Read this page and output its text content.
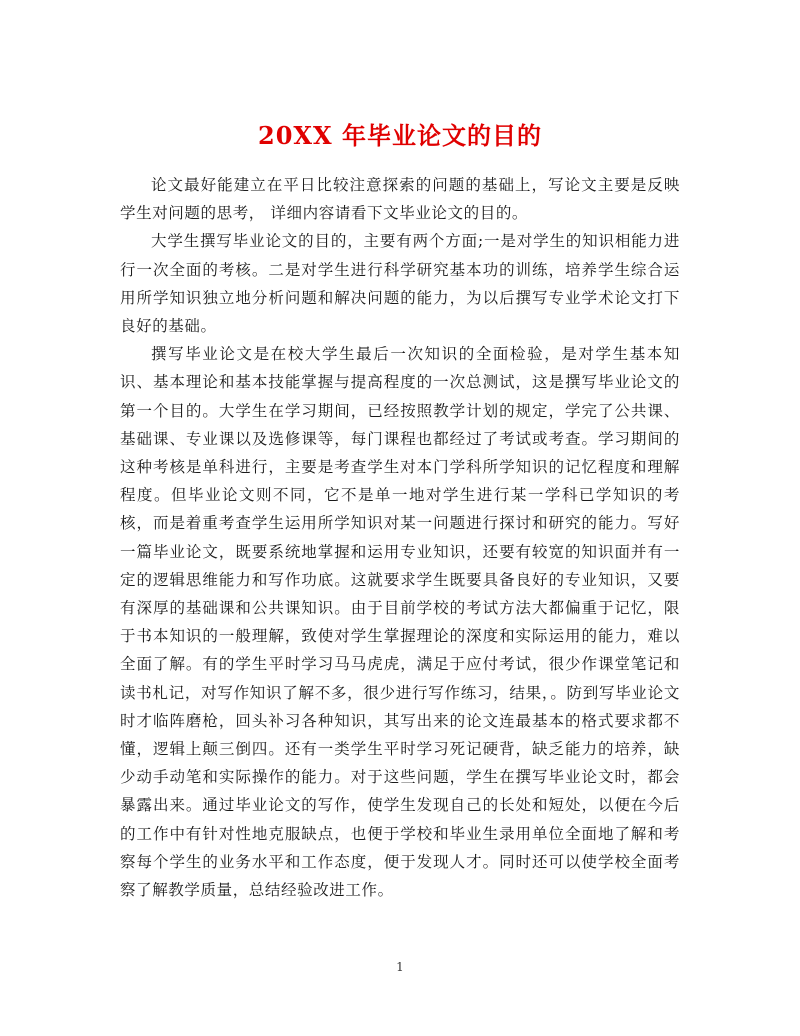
20XX 年毕业论文的目的

论文最好能建立在平日比较注意探索的问题的基础上，写论文主要是反映学生对问题的思考， 详细内容请看下文毕业论文的目的。

大学生撰写毕业论文的目的，主要有两个方面;一是对学生的知识相能力进行一次全面的考核。二是对学生进行科学研究基本功的训练，培养学生综合运用所学知识独立地分析问题和解决问题的能力，为以后撰写专业学术论文打下良好的基础。

撰写毕业论文是在校大学生最后一次知识的全面检验，是对学生基本知识、基本理论和基本技能掌握与提高程度的一次总测试，这是撰写毕业论文的第一个目的。大学生在学习期间，已经按照教学计划的规定，学完了公共课、基础课、专业课以及选修课等，每门课程也都经过了考试或考查。学习期间的这种考核是单科进行，主要是考查学生对本门学科所学知识的记忆程度和理解程度。但毕业论文则不同，它不是单一地对学生进行某一学科已学知识的考核，而是着重考查学生运用所学知识对某一问题进行探讨和研究的能力。写好一篇毕业论文，既要系统地掌握和运用专业知识，还要有较宽的知识面并有一定的逻辑思维能力和写作功底。这就要求学生既要具备良好的专业知识，又要有深厚的基础课和公共课知识。由于目前学校的考试方法大都偏重于记忆，限于书本知识的一般理解，致使对学生掌握理论的深度和实际运用的能力，难以全面了解。有的学生平时学习马马虎虎，满足于应付考试，很少作课堂笔记和读书札记，对写作知识了解不多，很少进行写作练习，结果，。防到写毕业论文时才临阵磨枪，回头补习各种知识，其写出来的论文连最基本的格式要求都不懂，逻辑上颠三倒四。还有一类学生平时学习死记硬背，缺乏能力的培养，缺少动手动笔和实际操作的能力。对于这些问题，学生在撰写毕业论文时，都会暴露出来。通过毕业论文的写作，使学生发现自己的长处和短处，以便在今后的工作中有针对性地克服缺点，也便于学校和毕业生录用单位全面地了解和考察每个学生的业务水平和工作态度，便于发现人才。同时还可以使学校全面考察了解教学质量，总结经验改进工作。

1
